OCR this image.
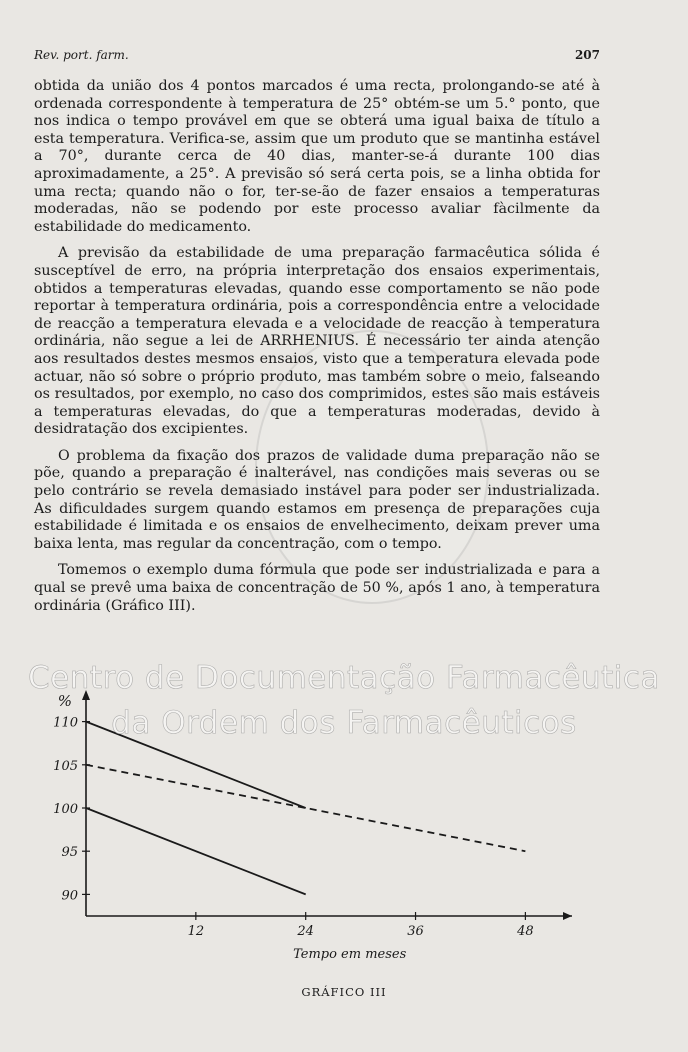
Rev. port. farm.	207

obtida da união dos 4 pontos marcados é uma recta, prolongando-se até à ordenada correspondente à temperatura de 25° obtém-se um 5.° ponto, que nos indica o tempo provável em que se obterá uma igual baixa de título a esta temperatura. Verifica-se, assim que um produto que se mantinha estável a 70°, durante cerca de 40 dias, manter-se-á durante 100 dias aproximadamente, a 25°. A previsão só será certa pois, se a linha obtida for uma recta; quando não o for, ter-se-ão de fazer ensaios a temperaturas moderadas, não se podendo por este processo avaliar fàcilmente da estabilidade do medicamento.

A previsão da estabilidade de uma preparação farmacêutica sólida é susceptível de erro, na própria interpretação dos ensaios experimentais, obtidos a temperaturas elevadas, quando esse comportamento se não pode reportar à temperatura ordinária, pois a correspondência entre a velocidade de reacção a temperatura elevada e a velocidade de reacção à temperatura ordinária, não segue a lei de ARRHENIUS. É necessário ter ainda atenção aos resultados destes mesmos ensaios, visto que a temperatura elevada pode actuar, não só sobre o próprio produto, mas também sobre o meio, falseando os resultados, por exemplo, no caso dos comprimidos, estes são mais estáveis a temperaturas elevadas, do que a temperaturas moderadas, devido à desidratação dos excipientes.

O problema da fixação dos prazos de validade duma preparação não se põe, quando a preparação é inalterável, nas condições mais severas ou se pelo contrário se revela demasiado instável para poder ser industrializada. As dificuldades surgem quando estamos em presença de preparações cuja estabilidade é limitada e os ensaios de envelhecimento, deixam prever uma baixa lenta, mas regular da concentração, com o tempo.

Tomemos o exemplo duma fórmula que pode ser industrializada e para a qual se prevê uma baixa de concentração de 50 %, após 1 ano, à temperatura ordinária (Gráfico III).

90
95
100
105
110
12	24	36	48
%
Tempo em meses
Centro de Documentação Farmacêutica
da Ordem dos Farmacêuticos
GRÁFICO III
